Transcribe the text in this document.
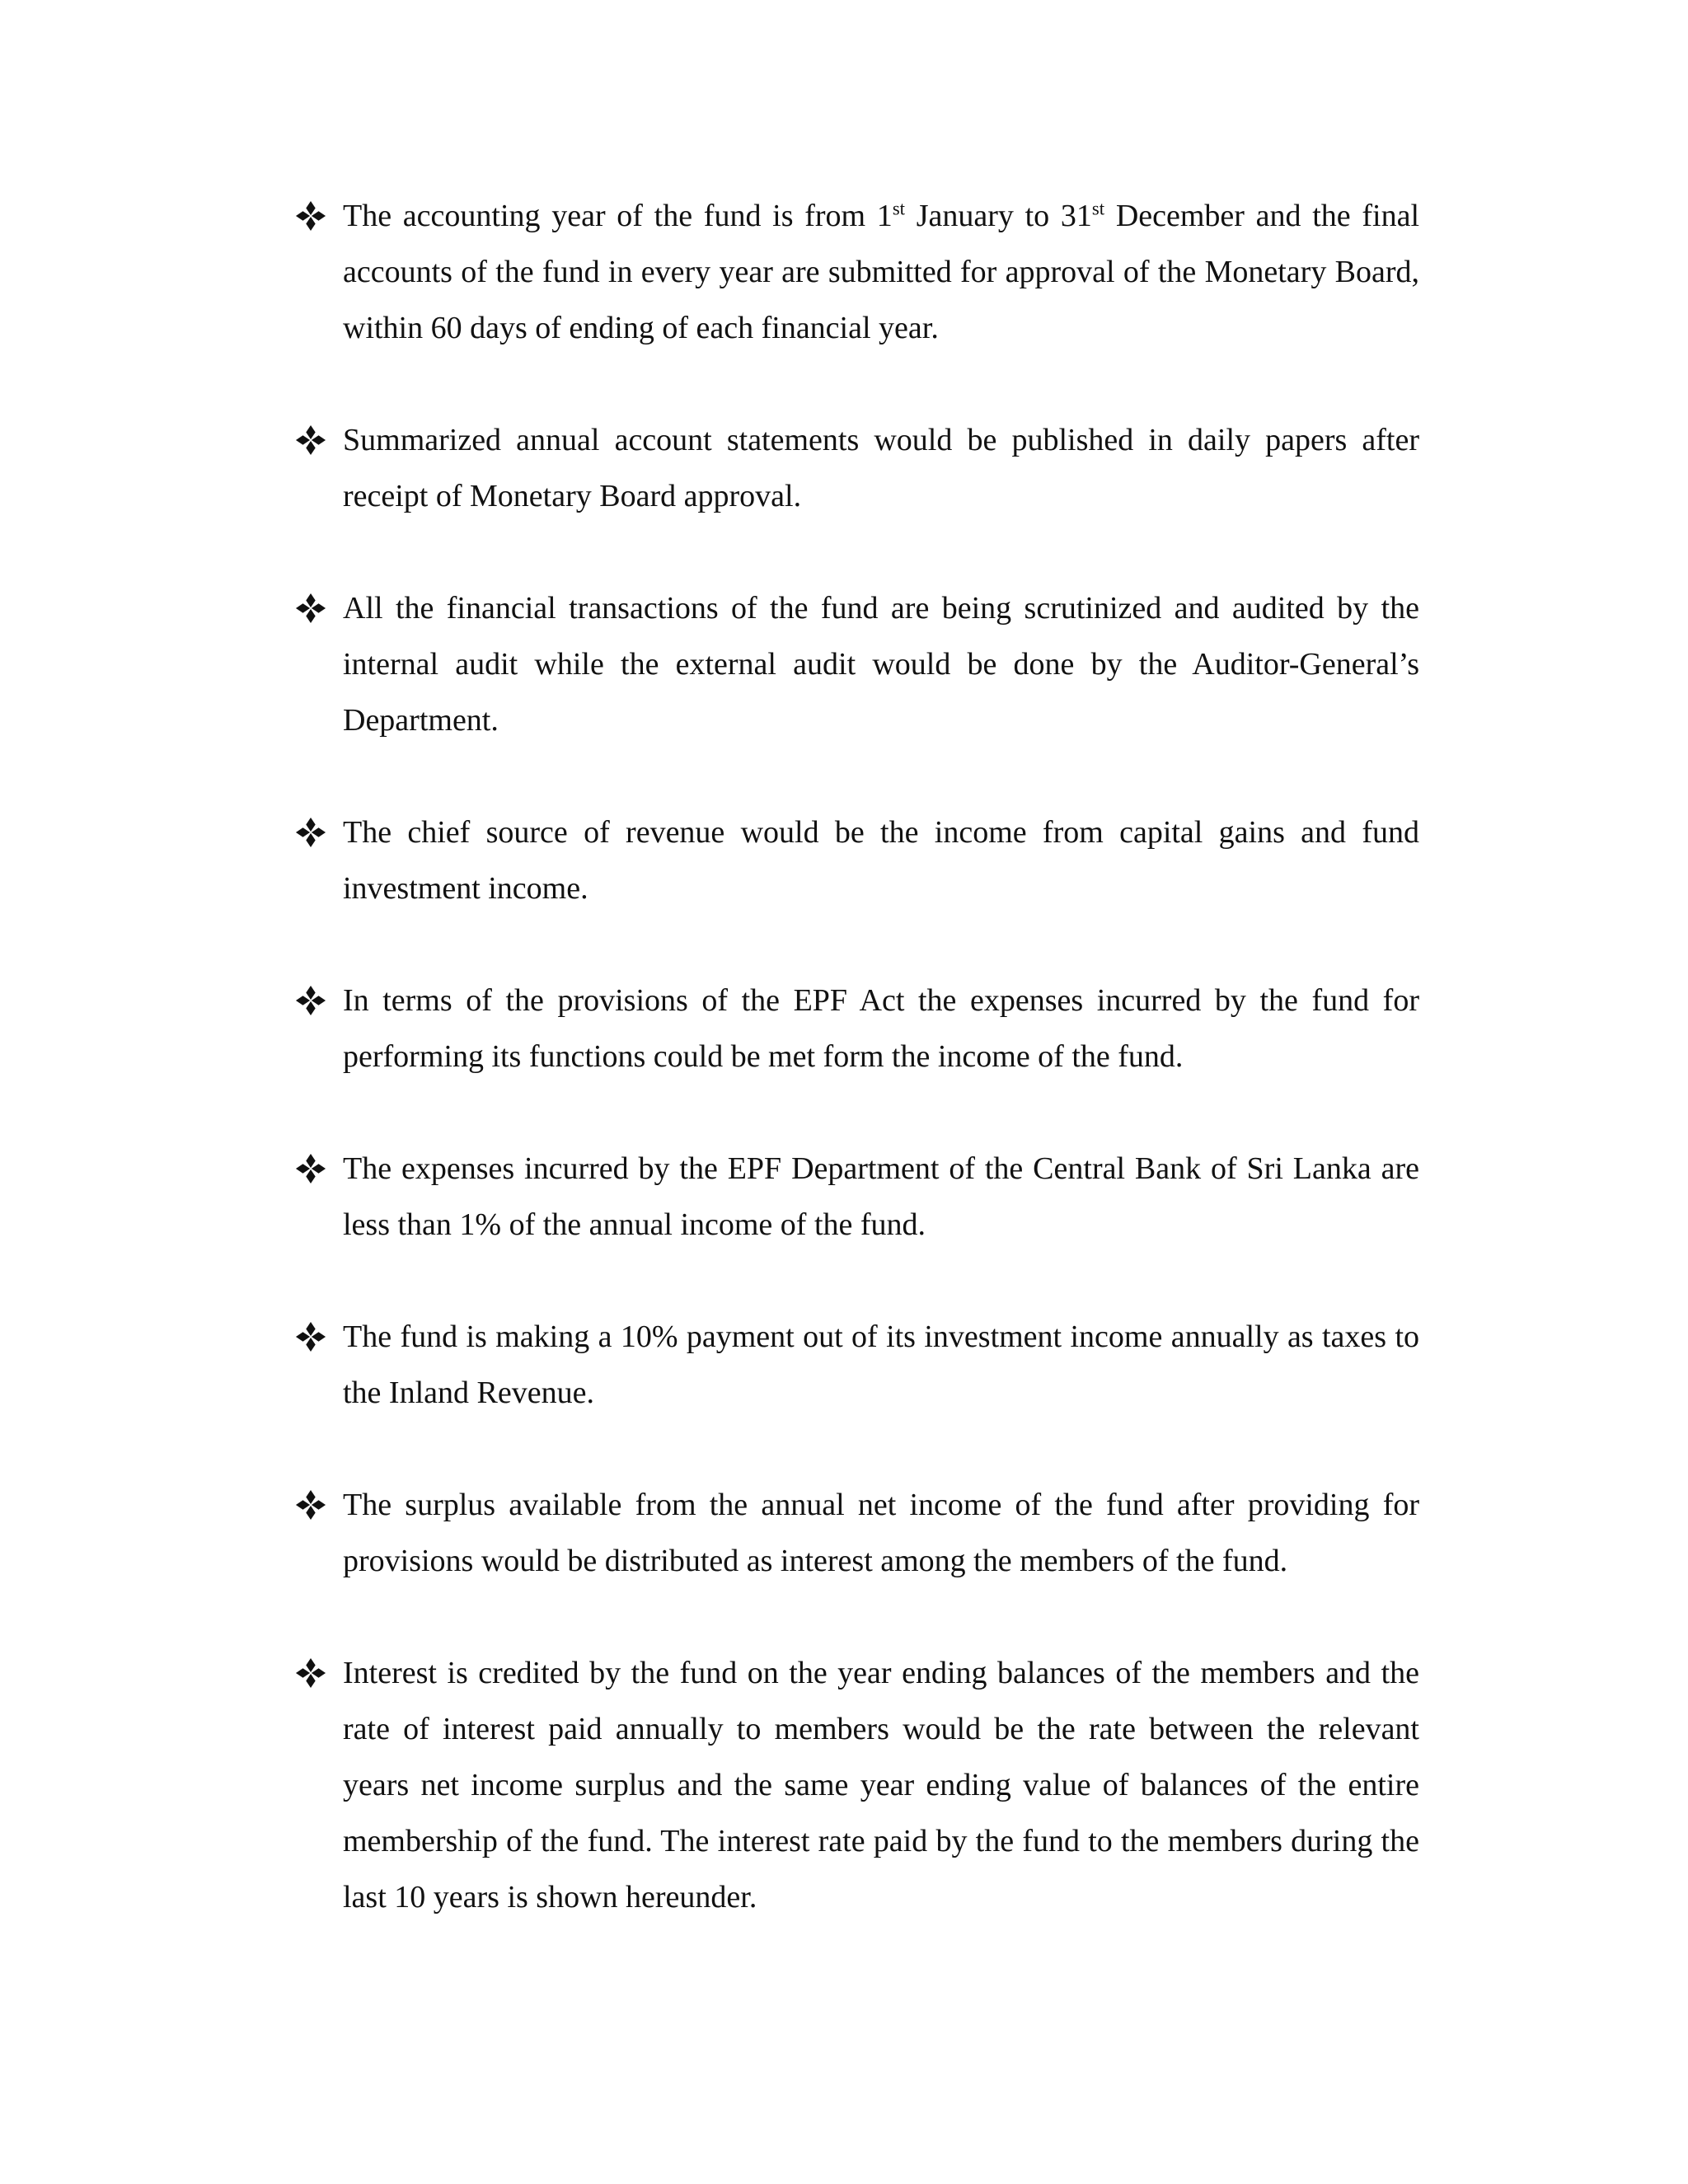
The accounting year of the fund is from 1st January to 31st December and the final accounts of the fund in every year are submitted for approval of the Monetary Board, within 60 days of ending of each financial year.
Summarized annual account statements would be published in daily papers after receipt of Monetary Board approval.
All the financial transactions of the fund are being scrutinized and audited by the internal audit while the external audit would be done by the Auditor-General’s Department.
The chief source of revenue would be the income from capital gains and fund investment income.
In terms of the provisions of the EPF Act the expenses incurred by the fund for performing its functions could be met form the income of the fund.
The expenses incurred by the EPF Department of the Central Bank of Sri Lanka are less than 1% of the annual income of the fund.
The fund is making a 10% payment out of its investment income annually as taxes to the Inland Revenue.
The surplus available from the annual net income of the fund after providing for provisions would be distributed as interest among the members of the fund.
Interest is credited by the fund on the year ending balances of the members and the rate of interest paid annually to members would be the rate between the relevant years net income surplus and the same year ending value of balances of the entire membership of the fund. The interest rate paid by the fund to the members during the last 10 years is shown hereunder.
